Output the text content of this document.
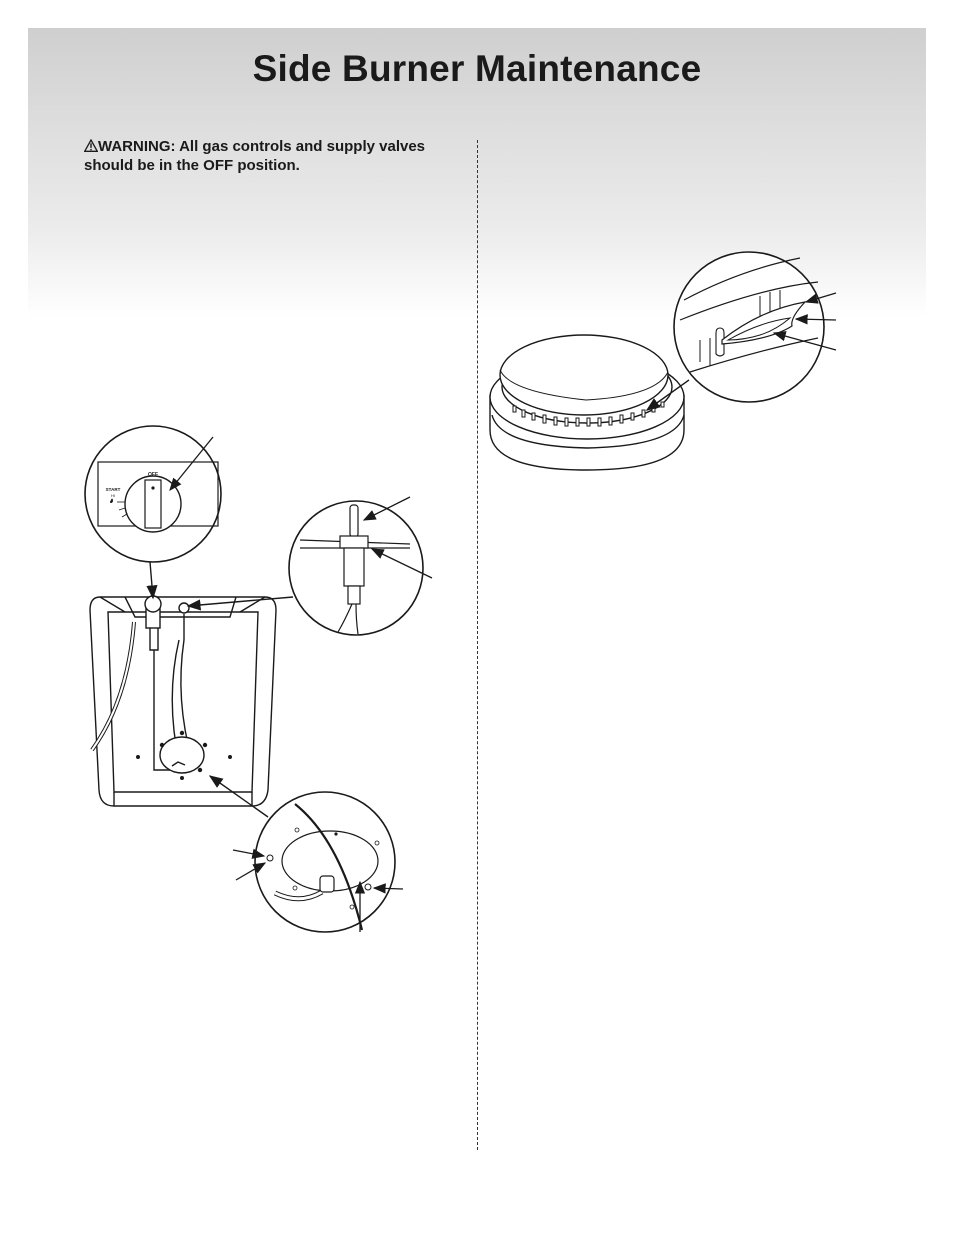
Side Burner Maintenance
WARNING: All gas controls and supply valves should be in the OFF position.
OFF
START
HI
